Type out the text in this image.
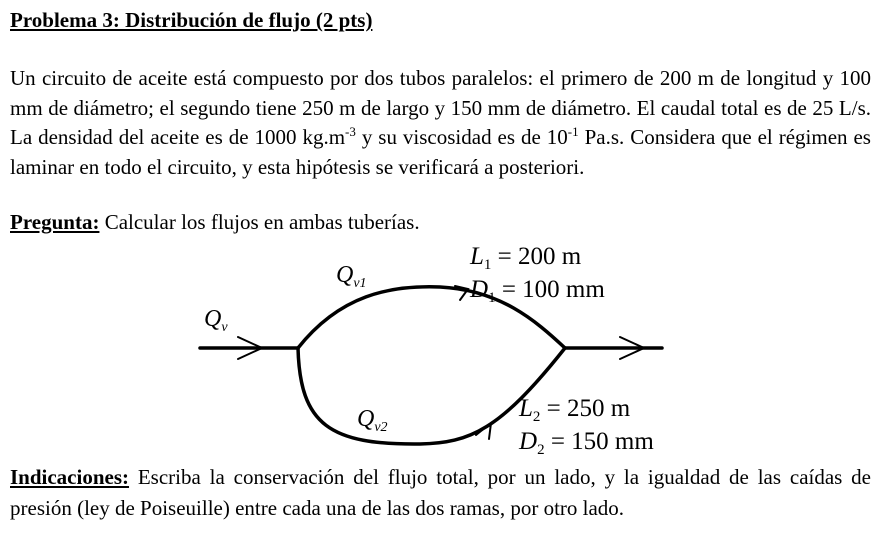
Problema 3: Distribución de flujo (2 pts)
Un circuito de aceite está compuesto por dos tubos paralelos: el primero de 200 m de longitud y 100 mm de diámetro; el segundo tiene 250 m de largo y 150 mm de diámetro. El caudal total es de 25 L/s. La densidad del aceite es de 1000 $kg.m^{-3}$ y su viscosidad es de $10^{-1}$ Pa.s. Considera que el régimen es laminar en todo el circuito, y esta hipótesis se verificará a posteriori.
Pregunta: Calcular los flujos en ambas tuberías.
$Q_v$
$Q_{v1}$
$Q_{v2}$
$L_1 = 200$ m
$D_1 = 100$ mm
$L_2 = 250$ m
$D_2 = 150$ mm
Indicaciones: Escriba la conservación del flujo total, por un lado, y la igualdad de las caídas de presión (ley de Poiseuille) entre cada una de las dos ramas, por otro lado.
